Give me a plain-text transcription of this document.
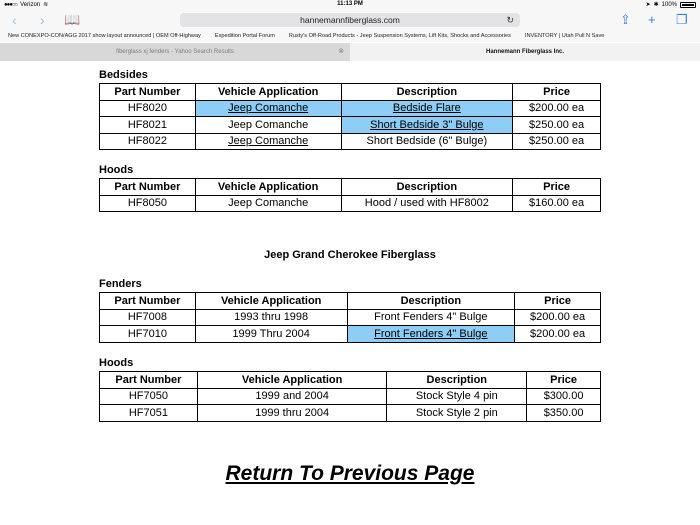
●●●○○ Verizon ≋	11:13 PM	➤ ✱ 100%
‹ › 📖	hannemannfiberglass.com	↻	⇪ + ❐
New CONEXPO-CON/AGG 2017 show layout announced | OEM Off-Highway	Expedition Portal Forum	Rusty's Off-Road Products - Jeep Suspension Systems, Lift Kits, Shocks and Accessories	INVENTORY | Utah Pull N Save
fiberglass xj fenders - Yahoo Search Results	⊗	Hannemann Fiberglass Inc.
Bedsides
Part Number	Vehicle Application	Description	Price
HF8020	Jeep Comanche	Bedside Flare	$200.00 ea
HF8021	Jeep Comanche	Short Bedside 3" Bulge	$250.00 ea
HF8022	Jeep Comanche	Short Bedside (6" Bulge)	$250.00 ea
Hoods
Part Number	Vehicle Application	Description	Price
HF8050	Jeep Comanche	Hood / used with HF8002	$160.00 ea
Jeep Grand Cherokee Fiberglass
Fenders
Part Number	Vehicle Application	Description	Price
HF7008	1993 thru 1998	Front Fenders 4" Bulge	$200.00 ea
HF7010	1999 Thru 2004	Front Fenders 4" Bulge	$200.00 ea
Hoods
Part Number	Vehicle Application	Description	Price
HF7050	1999 and 2004	Stock Style 4 pin	$300.00
HF7051	1999 thru 2004	Stock Style 2 pin	$350.00
Return To Previous Page
